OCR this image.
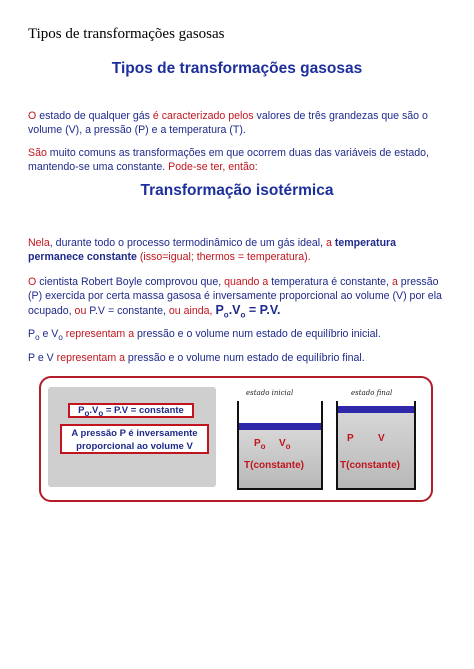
Tipos de transformações gasosas
Tipos de transformações gasosas
O estado de qualquer gás é caracterizado pelos valores de três grandezas que são o volume (V), a pressão (P) e a temperatura (T).
São muito comuns as transformações em que ocorrem duas das variáveis de estado, mantendo-se uma constante. Pode-se ter, então:
Transformação isotérmica
Nela, durante todo o processo termodinâmico de um gás ideal, a temperatura permanece constante (isso=igual; thermos = temperatura).
O cientista Robert Boyle comprovou que, quando a temperatura é constante, a pressão (P) exercida por certa massa gasosa é inversamente proporcional ao volume (V) por ela ocupado, ou P.V = constante, ou ainda, $P_o.V_o = P.V$.
$P_o$ e $V_o$ representam a pressão e o volume num estado de equilíbrio inicial.
P e V representam a pressão e o volume num estado de equilíbrio final.
$P_o.V_o = P.V$ = constante
A pressão P é inversamente
proporcional ao volume V
estado inicial	estado final
$P_o$ $V_o$
T(constante)
P V
T(constante)
